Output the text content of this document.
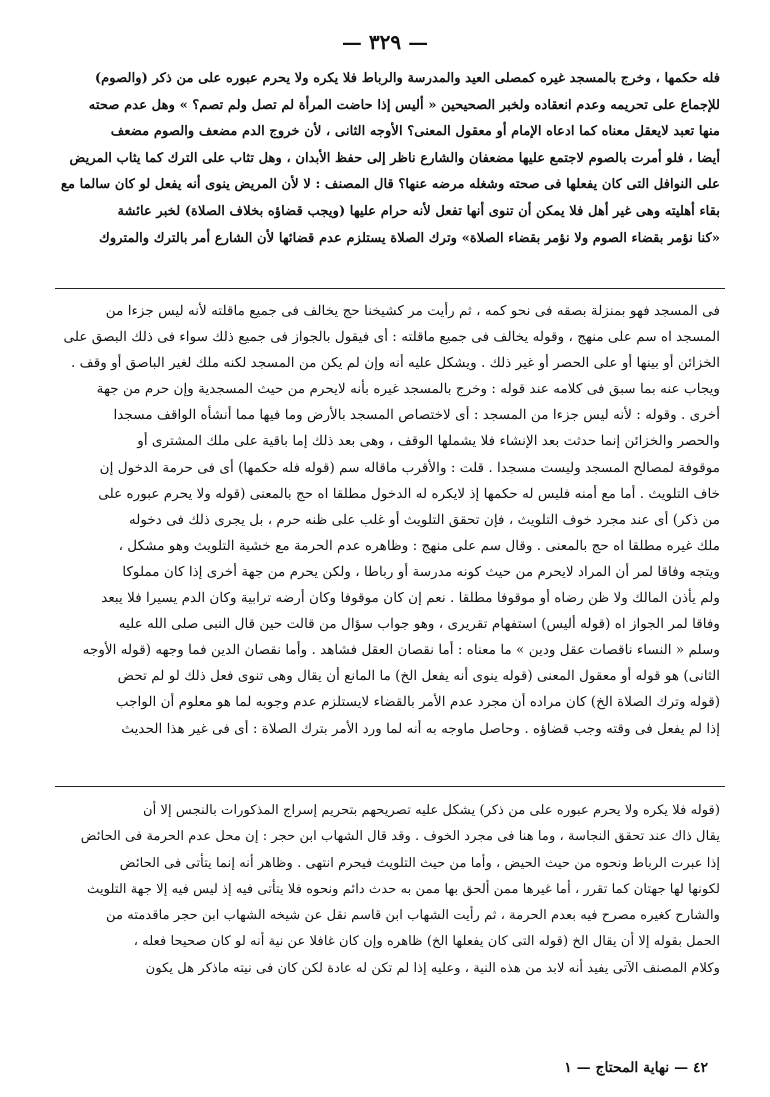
— ٣٢٩ —
فله حكمها ، وخرج بالمسجد غيره كمصلى العيد والمدرسة والرباط فلا يكره ولا يحرم عبوره على من ذكر (والصوم)
للإجماع على تحريمه وعدم انعقاده ولخبر الصحيحين « أليس إذا حاضت المرأة لم تصل ولم تصم؟ » وهل عدم صحته
منها تعبد لايعقل معناه كما ادعاه الإمام أو معقول المعنى؟ الأوجه الثانى ، لأن خروج الدم مضعف والصوم مضعف
أيضا ، فلو أمرت بالصوم لاجتمع عليها مضعفان والشارع ناظر إلى حفظ الأبدان ، وهل تثاب على الترك كما يثاب المريض
على النوافل التى كان يفعلها فى صحته وشغله مرضه عنها؟ قال المصنف : لا لأن المريض ينوى أنه يفعل لو كان سالما مع
بقاء أهليته وهى غير أهل فلا يمكن أن تنوى أنها تفعل لأنه حرام عليها (ويجب قضاؤه بخلاف الصلاة) لخبر عائشة
«كنا نؤمر بقضاء الصوم ولا نؤمر بقضاء الصلاة» وترك الصلاة يستلزم عدم قضائها لأن الشارع أمر بالترك والمتروك
فى المسجد فهو بمنزلة بصقه فى نحو كمه ، ثم رأيت مر كشيخنا حج يخالف فى جميع ماقلته لأنه ليس جزءا من
المسجد اه سم على منهج ، وقوله يخالف فى جميع ماقلته : أى فيقول بالجواز فى جميع ذلك سواء فى ذلك البصق على
الخزائن أو بينها أو على الحصر أو غير ذلك . ويشكل عليه أنه وإن لم يكن من المسجد لكنه ملك لغير الباصق أو وقف .
ويجاب عنه بما سبق فى كلامه عند قوله : وخرج بالمسجد غيره بأنه لايحرم من حيث المسجدية وإن حرم من جهة
أخرى . وقوله : لأنه ليس جزءا من المسجد : أى لاختصاص المسجد بالأرض وما فيها مما أنشأه الواقف مسجدا
والحصر والخزائن إنما حدثت بعد الإنشاء فلا يشملها الوقف ، وهى بعد ذلك إما باقية على ملك المشترى أو
موقوفة لمصالح المسجد وليست مسجدا . قلت : والأقرب ماقاله سم (قوله فله حكمها) أى فى حرمة الدخول إن
خاف التلويث . أما مع أمنه فليس له حكمها إذ لايكره له الدخول مطلقا اه حج بالمعنى (قوله ولا يحرم عبوره على
من ذكر) أى عند مجرد خوف التلويث ، فإن تحقق التلويث أو غلب على ظنه حرم ، بل يجرى ذلك فى دخوله
ملك غيره مطلقا اه حج بالمعنى . وقال سم على منهج : وظاهره عدم الحرمة مع خشية التلويث وهو مشكل ،
ويتجه وفاقا لمر أن المراد لايحرم من حيث كونه مدرسة أو رباطا ، ولكن يحرم من جهة أخرى إذا كان مملوكا
ولم يأذن المالك ولا ظن رضاه أو موقوفا مطلقا . نعم إن كان موقوفا وكان أرضه ترابية وكان الدم يسيرا فلا يبعد
وفاقا لمر الجواز اه (قوله أليس) استفهام تقريرى ، وهو جواب سؤال من قالت حين قال النبى صلى الله عليه
وسلم « النساء ناقصات عقل ودين » ما معناه : أما نقصان العقل فشاهد . وأما نقصان الدين فما وجهه (قوله الأوجه
الثانى) هو قوله أو معقول المعنى (قوله ينوى أنه يفعل الخ) ما المانع أن يقال وهى تنوى فعل ذلك لو لم تحض
(قوله وترك الصلاة الخ) كان مراده أن مجرد عدم الأمر بالقضاء لايستلزم عدم وجوبه لما هو معلوم أن الواجب
إذا لم يفعل فى وقته وجب قضاؤه . وحاصل ماوجه به أنه لما ورد الأمر بترك الصلاة : أى فى غير هذا الحديث
(قوله فلا يكره ولا يحرم عبوره على من ذكر) يشكل عليه تصريحهم بتحريم إسراج المذكورات بالنجس إلا أن
يقال ذاك عند تحقق النجاسة ، وما هنا فى مجرد الخوف . وقد قال الشهاب ابن حجر : إن محل عدم الحرمة فى الحائض
إذا عبرت الرباط ونحوه من حيث الحيض ، وأما من حيث التلويث فيحرم انتهى . وظاهر أنه إنما يتأتى فى الحائض
لكونها لها جهتان كما تقرر ، أما غيرها ممن ألحق بها ممن به حدث دائم ونحوه فلا يتأتى فيه إذ ليس فيه إلا جهة التلويث
والشارح كغيره مصرح فيه بعدم الحرمة ، ثم رأيت الشهاب ابن قاسم نقل عن شيخه الشهاب ابن حجر ماقدمته من
الحمل بقوله إلا أن يقال الخ (قوله التى كان يفعلها الخ) ظاهره وإن كان غافلا عن نية أنه لو كان صحيحا فعله ،
وكلام المصنف الآتى يفيد أنه لابد من هذه النية ، وعليه إذا لم تكن له عادة لكن كان فى نيته ماذكر هل يكون
٤٢ — نهاية المحتاج — ١
